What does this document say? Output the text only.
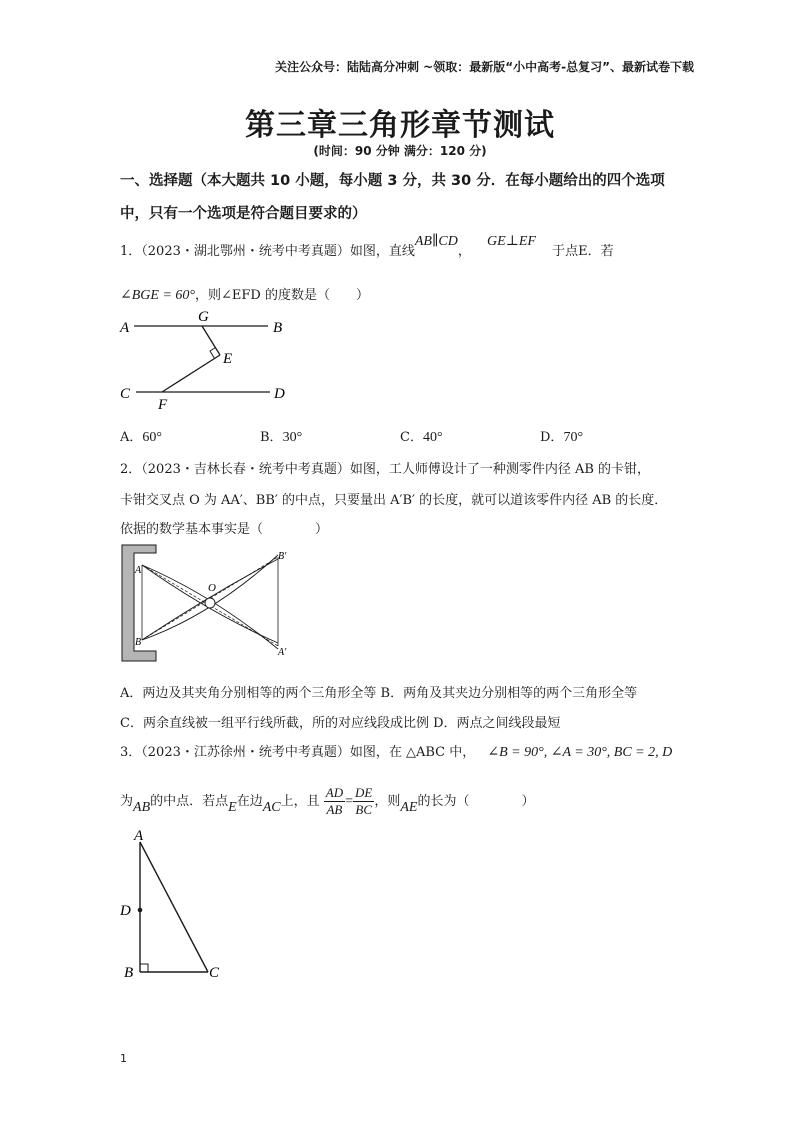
关注公众号：陆陆高分冲刺 ~领取：最新版“小中高考-总复习”、最新试卷下载
第三章三角形章节测试
(时间：90 分钟 满分：120 分)
一、选择题（本大题共 10 小题，每小题 3 分，共 30 分．在每小题给出的四个选项中，只有一个选项是符合题目要求的）
1．（2023・湖北鄂州・统考中考真题）如图，直线AB∥CD， GE⊥EF 于点E．若
∠BGE = 60°，则∠EFD 的度数是（　　）
A	B
G
E
C	D
F
A．60°	B．30°	C．40°	D．70°
2．（2023・吉林长春・统考中考真题）如图，工人师傅设计了一种测零件内径 AB 的卡钳，
卡钳交叉点 O 为 AA′、BB′ 的中点，只要量出 A′B′ 的长度，就可以道该零件内径 AB 的长度．
依据的数学基本事实是（　　　　）
A
B
O
B′
A′
A．两边及其夹角分别相等的两个三角形全等 B．两角及其夹边分别相等的两个三角形全等
C．两余直线被一组平行线所截，所的对应线段成比例 D．两点之间线段最短
3．（2023・江苏徐州・统考中考真题）如图，在 △ABC 中， ∠B = 90°, ∠A = 30°, BC = 2, D
为AB的中点．若点E在边AC上，且 $\frac{AD}{AB} = \frac{DE}{BC}$ ，则AE的长为（　　　　）
A
D
B	C
1
